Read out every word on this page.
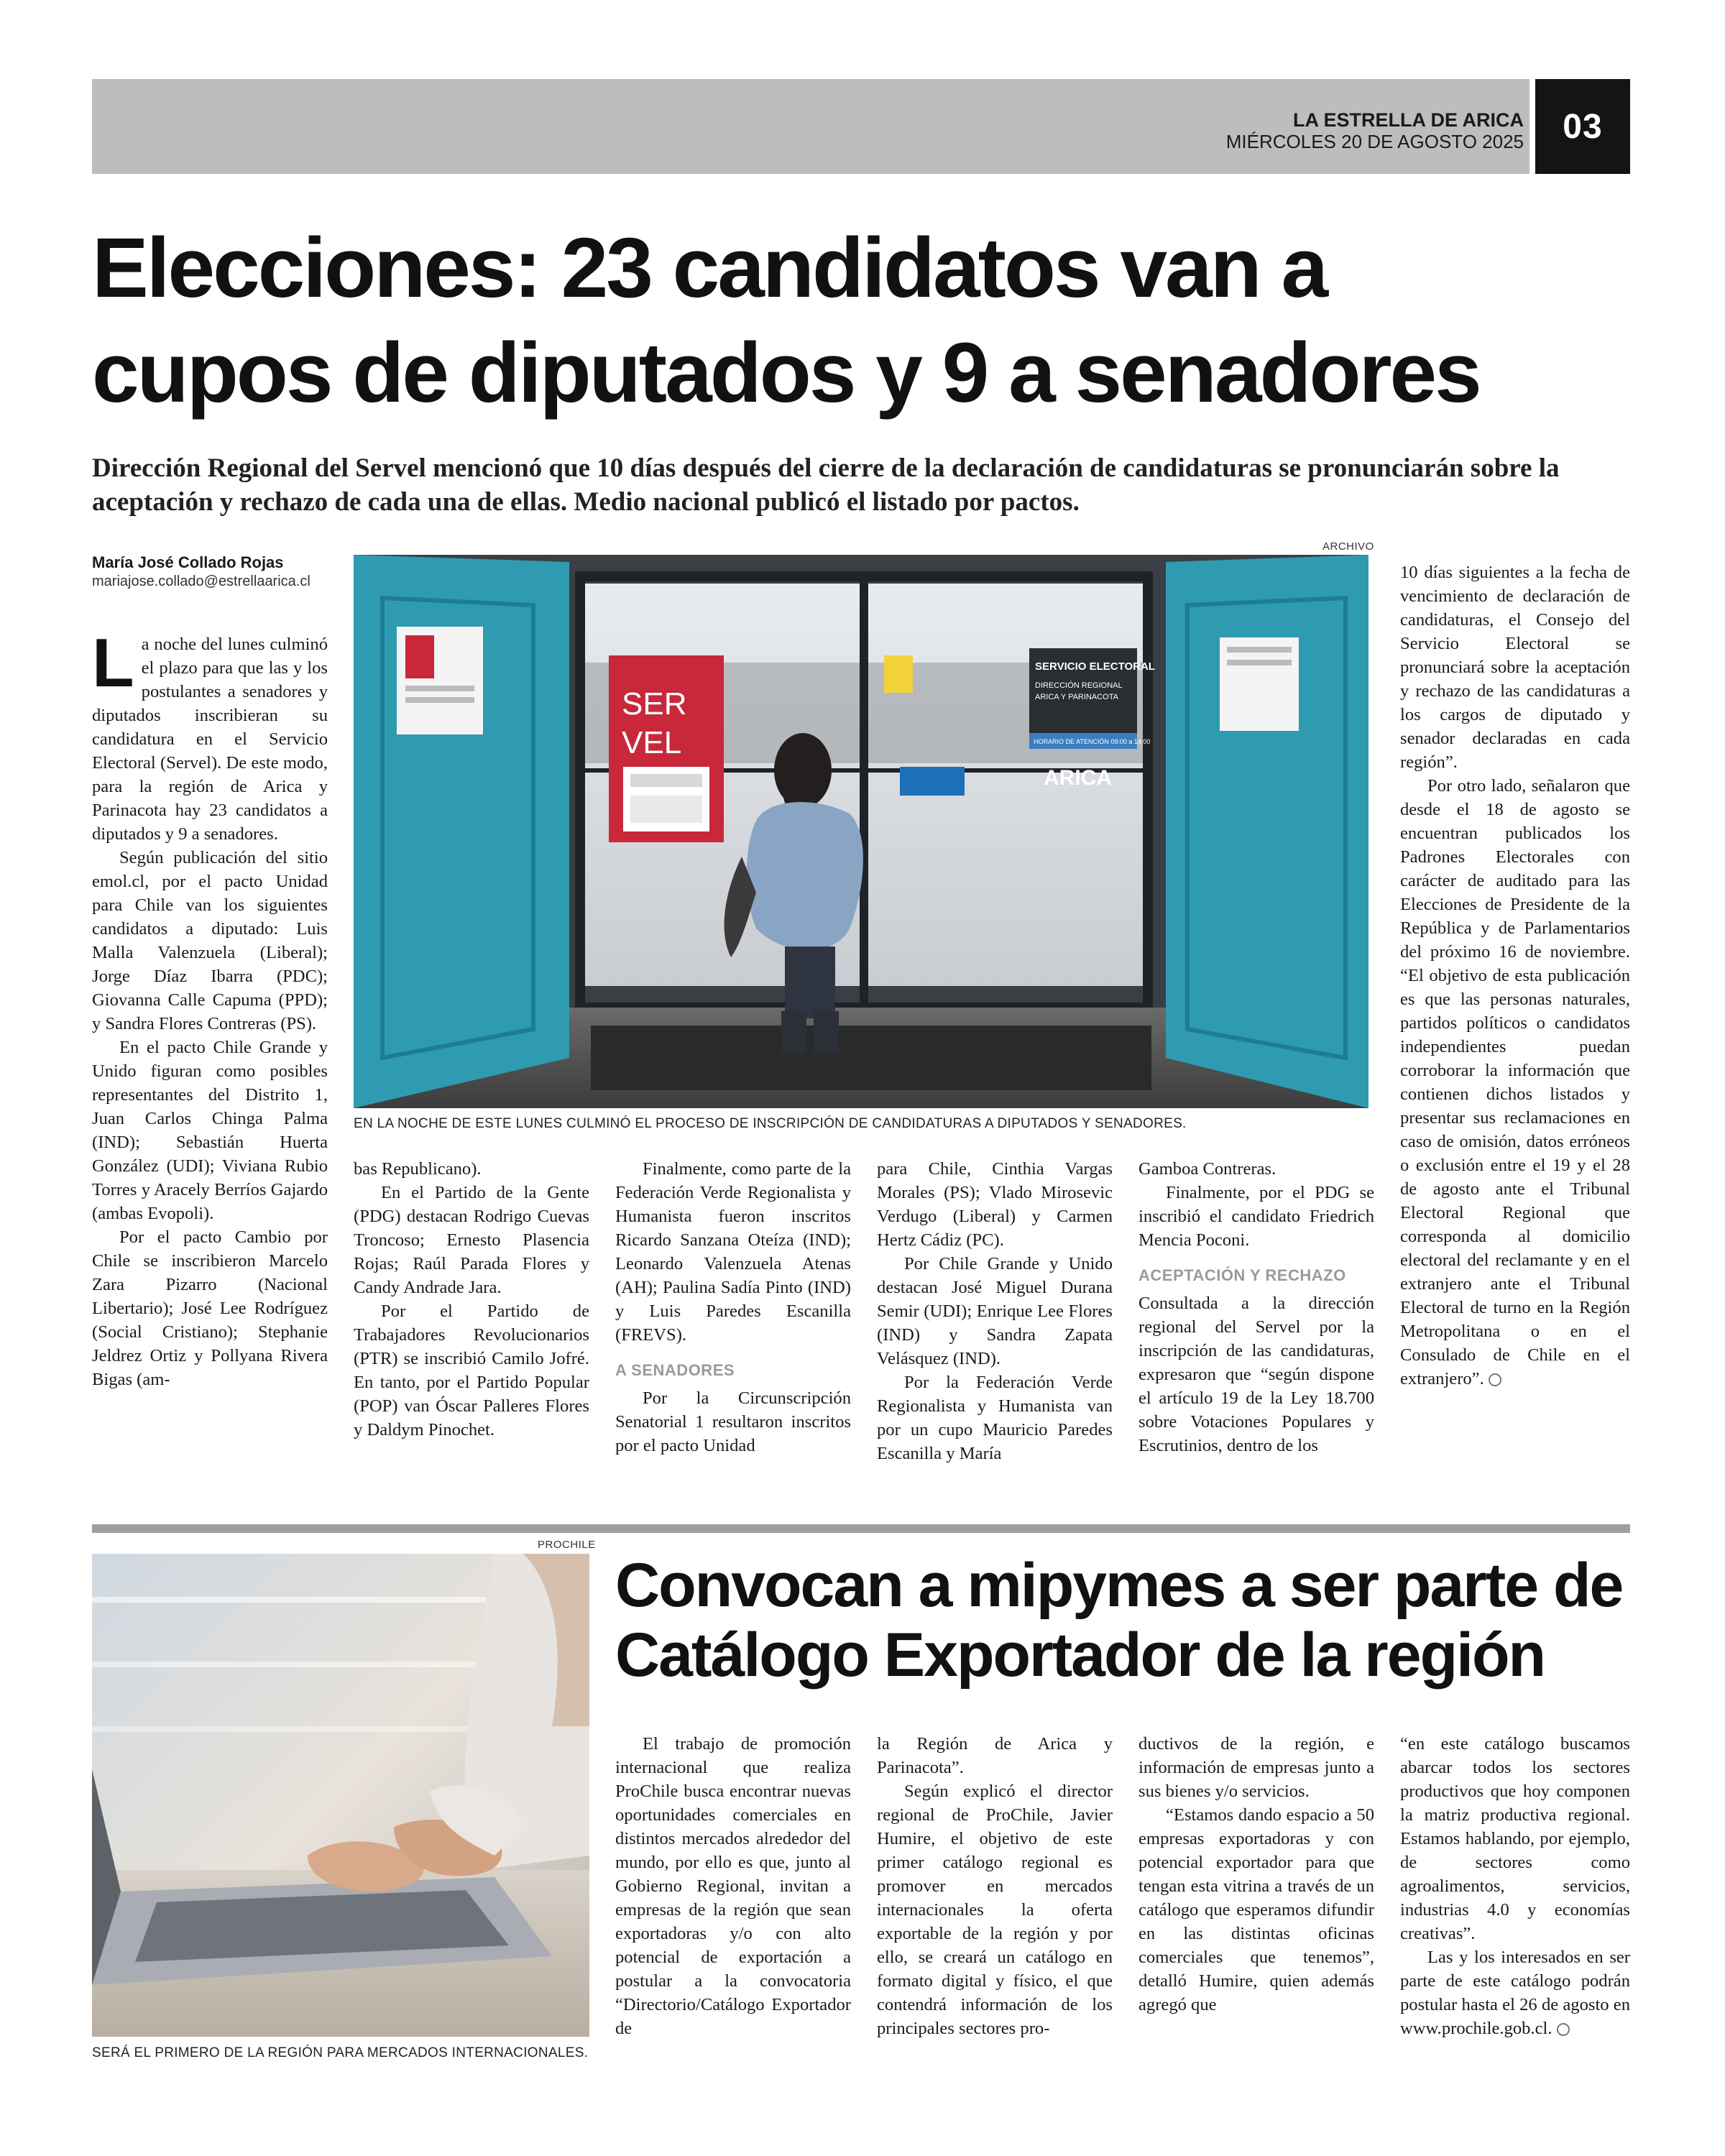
LA ESTRELLA DE ARICA
MIÉRCOLES 20 DE AGOSTO 2025	03
Elecciones: 23 candidatos van a
cupos de diputados y 9 a senadores
Dirección Regional del Servel mencionó que 10 días después del cierre de la declaración de candidaturas se pronunciarán sobre la aceptación y rechazo de cada una de ellas. Medio nacional publicó el listado por pactos.
María José Collado Rojas
mariajose.collado@estrellaarica.cl
ARCHIVO
SER
VEL
SERVICIO ELECTORAL
DIRECCIÓN REGIONAL
ARICA Y PARINACOTA
HORARIO DE ATENCIÓN 09:00 a 14:00
ARICA
EN LA NOCHE DE ESTE LUNES CULMINÓ EL PROCESO DE INSCRIPCIÓN DE CANDIDATURAS A DIPUTADOS Y SENADORES.

La noche del lunes culminó el plazo para que las y los postulantes a senadores y diputados inscribieran su candidatura en el Servicio Electoral (Servel). De este modo, para la región de Arica y Parinacota hay 23 candidatos a diputados y 9 a senadores.

Según publicación del sitio emol.cl, por el pacto Unidad para Chile van los siguientes candidatos a diputado: Luis Malla Valenzuela (Liberal); Jorge Díaz Ibarra (PDC); Giovanna Calle Capuma (PPD); y Sandra Flores Contreras (PS).

En el pacto Chile Grande y Unido figuran como posibles representantes del Distrito 1, Juan Carlos Chinga Palma (IND); Sebastián Huerta González (UDI); Viviana Rubio Torres y Aracely Berríos Gajardo (ambas Evopoli).

Por el pacto Cambio por Chile se inscribieron Marcelo Zara Pizarro (Nacional Libertario); José Lee Rodríguez (Social Cristiano); Stephanie Jeldrez Ortiz y Pollyana Rivera Bigas (am-

bas Republicano).

En el Partido de la Gente (PDG) destacan Rodrigo Cuevas Troncoso; Ernesto Plasencia Rojas; Raúl Parada Flores y Candy Andrade Jara.

Por el Partido de Trabajadores Revolucionarios (PTR) se inscribió Camilo Jofré. En tanto, por el Partido Popular (POP) van Óscar Palleres Flores y Daldym Pinochet.

Finalmente, como parte de la Federación Verde Regionalista y Humanista fueron inscritos Ricardo Sanzana Oteíza (IND); Leonardo Valenzuela Atenas (AH); Paulina Sadía Pinto (IND) y Luis Paredes Escanilla (FREVS).

A SENADORES

Por la Circunscripción Senatorial 1 resultaron inscritos por el pacto Unidad

para Chile, Cinthia Vargas Morales (PS); Vlado Mirosevic Verdugo (Liberal) y Carmen Hertz Cádiz (PC).

Por Chile Grande y Unido destacan José Miguel Durana Semir (UDI); Enrique Lee Flores (IND) y Sandra Zapata Velásquez (IND).

Por la Federación Verde Regionalista y Humanista van por un cupo Mauricio Paredes Escanilla y María

Gamboa Contreras.

Finalmente, por el PDG se inscribió el candidato Friedrich Mencia Poconi.

ACEPTACIÓN Y RECHAZO

Consultada a la dirección regional del Servel por la inscripción de las candidaturas, expresaron que “según dispone el artículo 19 de la Ley 18.700 sobre Votaciones Populares y Escrutinios, dentro de los

10 días siguientes a la fecha de vencimiento de declaración de candidaturas, el Consejo del Servicio Electoral se pronunciará sobre la aceptación y rechazo de las candidaturas a los cargos de diputado y senador declaradas en cada región”.

Por otro lado, señalaron que desde el 18 de agosto se encuentran publicados los Padrones Electorales con carácter de auditado para las Elecciones de Presidente de la República y de Parlamentarios del próximo 16 de noviembre. “El objetivo de esta publicación es que las personas naturales, partidos políticos o candidatos independientes puedan corroborar la información que contienen dichos listados y presentar sus reclamaciones en caso de omisión, datos erróneos o exclusión entre el 19 y el 28 de agosto ante el Tribunal Electoral Regional que corresponda al domicilio electoral del reclamante y en el extranjero ante el Tribunal Electoral de turno en la Región Metropolitana o en el Consulado de Chile en el extranjero”.

PROCHILE
SERÁ EL PRIMERO DE LA REGIÓN PARA MERCADOS INTERNACIONALES.
Convocan a mipymes a ser parte de
Catálogo Exportador de la región

El trabajo de promoción internacional que realiza ProChile busca encontrar nuevas oportunidades comerciales en distintos mercados alrededor del mundo, por ello es que, junto al Gobierno Regional, invitan a empresas de la región que sean exportadoras y/o con alto potencial de exportación a postular a la convocatoria “Directorio/Catálogo Exportador de

la Región de Arica y Parinacota”.

Según explicó el director regional de ProChile, Javier Humire, el objetivo de este primer catálogo regional es promover en mercados internacionales la oferta exportable de la región y por ello, se creará un catálogo en formato digital y físico, el que contendrá información de los principales sectores pro-

ductivos de la región, e información de empresas junto a sus bienes y/o servicios.

“Estamos dando espacio a 50 empresas exportadoras y con potencial exportador para que tengan esta vitrina a través de un catálogo que esperamos difundir en las distintas oficinas comerciales que tenemos”, detalló Humire, quien además agregó que

“en este catálogo buscamos abarcar todos los sectores productivos que hoy componen la matriz productiva regional. Estamos hablando, por ejemplo, de sectores como agroalimentos, servicios, industrias 4.0 y economías creativas”.

Las y los interesados en ser parte de este catálogo podrán postular hasta el 26 de agosto en www.prochile.gob.cl.
